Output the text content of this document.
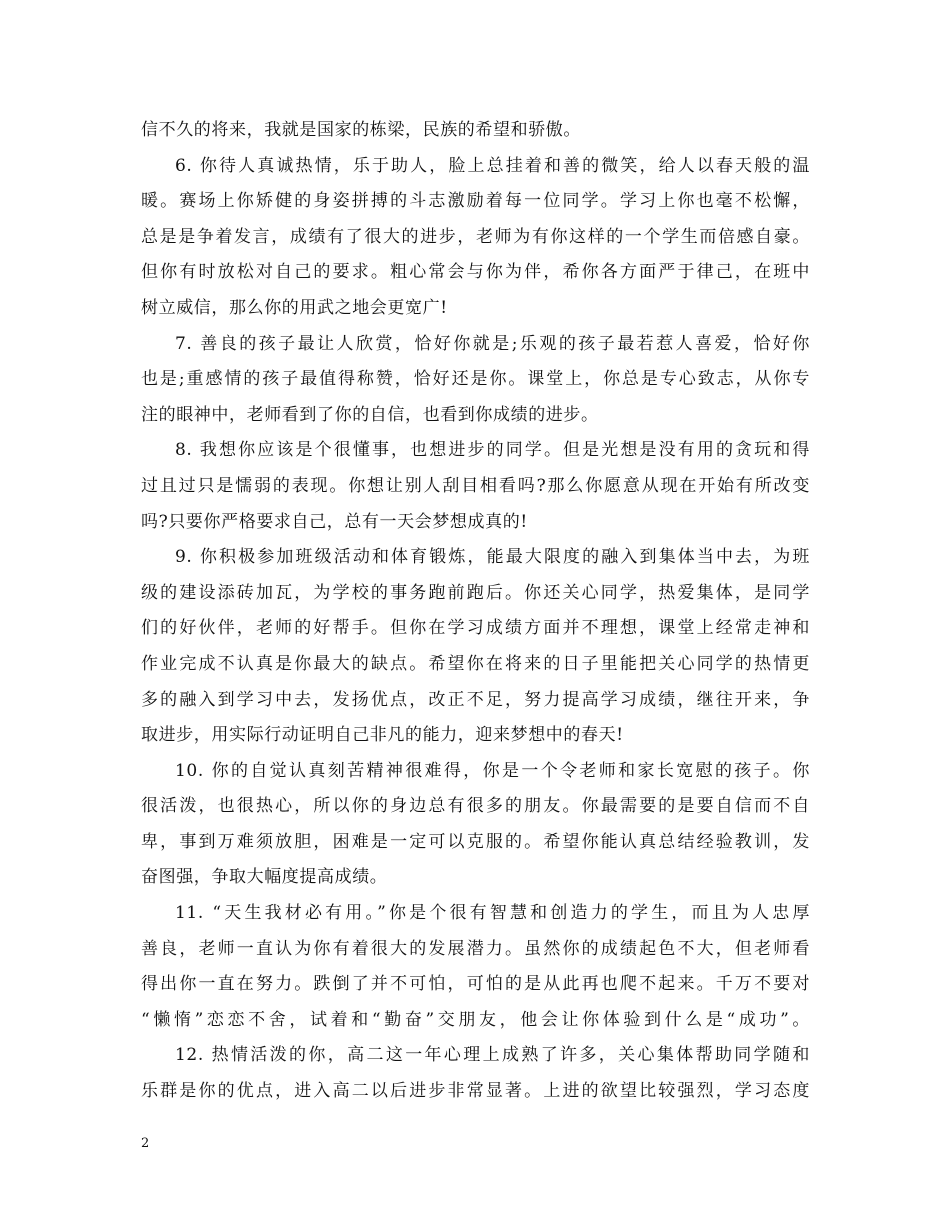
信不久的将来，我就是国家的栋梁，民族的希望和骄傲。
6. 你待人真诚热情，乐于助人，脸上总挂着和善的微笑，给人以春天般的温
暖。赛场上你矫健的身姿拼搏的斗志激励着每一位同学。学习上你也毫不松懈，
总是是争着发言，成绩有了很大的进步，老师为有你这样的一个学生而倍感自豪。
但你有时放松对自己的要求。粗心常会与你为伴，希你各方面严于律己，在班中
树立威信，那么你的用武之地会更宽广!
7. 善良的孩子最让人欣赏，恰好你就是;乐观的孩子最若惹人喜爱，恰好你
也是;重感情的孩子最值得称赞，恰好还是你。课堂上，你总是专心致志，从你专
注的眼神中，老师看到了你的自信，也看到你成绩的进步。
8. 我想你应该是个很懂事，也想进步的同学。但是光想是没有用的贪玩和得
过且过只是懦弱的表现。你想让别人刮目相看吗?那么你愿意从现在开始有所改变
吗?只要你严格要求自己，总有一天会梦想成真的!
9. 你积极参加班级活动和体育锻炼，能最大限度的融入到集体当中去，为班
级的建设添砖加瓦，为学校的事务跑前跑后。你还关心同学，热爱集体，是同学
们的好伙伴，老师的好帮手。但你在学习成绩方面并不理想，课堂上经常走神和
作业完成不认真是你最大的缺点。希望你在将来的日子里能把关心同学的热情更
多的融入到学习中去，发扬优点，改正不足，努力提高学习成绩，继往开来，争
取进步，用实际行动证明自己非凡的能力，迎来梦想中的春天!
10. 你的自觉认真刻苦精神很难得，你是一个令老师和家长宽慰的孩子。你
很活泼，也很热心，所以你的身边总有很多的朋友。你最需要的是要自信而不自
卑，事到万难须放胆，困难是一定可以克服的。希望你能认真总结经验教训，发
奋图强，争取大幅度提高成绩。
11. “天生我材必有用。”你是个很有智慧和创造力的学生，而且为人忠厚
善良，老师一直认为你有着很大的发展潜力。虽然你的成绩起色不大，但老师看
得出你一直在努力。跌倒了并不可怕，可怕的是从此再也爬不起来。千万不要对
“懒惰”恋恋不舍，试着和“勤奋”交朋友，他会让你体验到什么是“成功”。
12. 热情活泼的你，高二这一年心理上成熟了许多，关心集体帮助同学随和
乐群是你的优点，进入高二以后进步非常显著。上进的欲望比较强烈，学习态度
2
